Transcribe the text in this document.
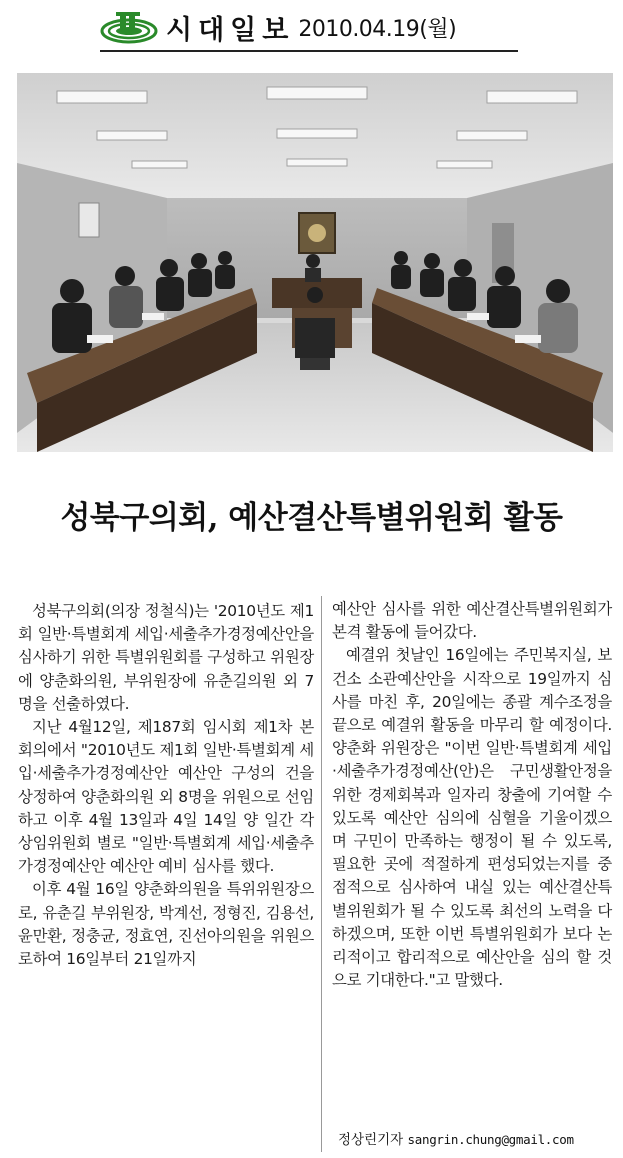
시대일보 2010.04.19(월)
성북구의회, 예산결산특별위원회 활동

성북구의회(의장 정철식)는 '2010년도 제1회 일반·특별회계 세입·세출추가경정예산안을 심사하기 위한 특별위원회를 구성하고 위원장에 양춘화의원, 부위원장에 유춘길의원 외 7명을 선출하였다.

지난 4월12일, 제187회 임시회 제1차 본회의에서 "2010년도 제1회 일반·특별회계 세입·세출추가경정예산안 예산안 구성의 건을 상정하여 양춘화의원 외 8명을 위원으로 선임하고 이후 4월 13일과 4일 14일 양 일간 각 상임위원회 별로 "일반·특별회계 세입·세출추가경정예산안 예산안 예비 심사를 했다.

이후 4월 16일 양춘화의원을 특위위원장으로, 유춘길 부위원장, 박계선, 정형진, 김용선, 윤만환, 정충균, 정효연, 진선아의원을 위원으로하여 16일부터 21일까지

예산안 심사를 위한 예산결산특별위원회가 본격 활동에 들어갔다.

예결위 첫날인 16일에는 주민복지실, 보건소 소관예산안을 시작으로 19일까지 심사를 마친 후, 20일에는 종괄 계수조정을 끝으로 예결위 활동을 마무리 할 예정이다. 양춘화 위원장은 "이번 일반·특별회계 세입·세출추가경정예산(안)은 구민생활안정을 위한 경제회복과 일자리 창출에 기여할 수 있도록 예산안 심의에 심혈을 기울이겠으며 구민이 만족하는 행정이 될 수 있도록, 필요한 곳에 적절하게 편성되었는지를 중점적으로 심사하여 내실 있는 예산결산특별위원회가 될 수 있도록 최선의 노력을 다하겠으며, 또한 이번 특별위원회가 보다 논리적이고 합리적으로 예산안을 심의 할 것으로 기대한다."고 말했다.

정상린기자 sangrin.chung@gmail.com
